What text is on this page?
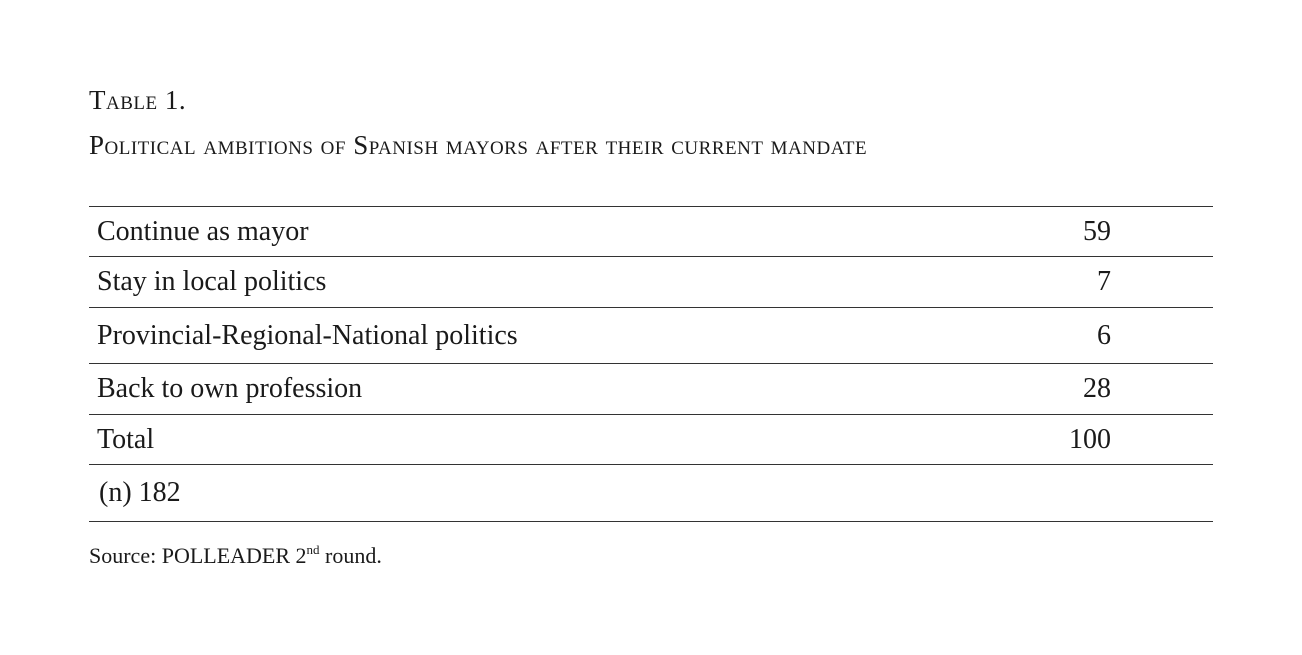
Table 1.
Political ambitions of Spanish mayors after their current mandate
Continue as mayor	59
Stay in local politics	7
Provincial-Regional-National politics	6
Back to own profession	28
Total	100
(n) 182	
Source: POLLEADER 2nd round.
